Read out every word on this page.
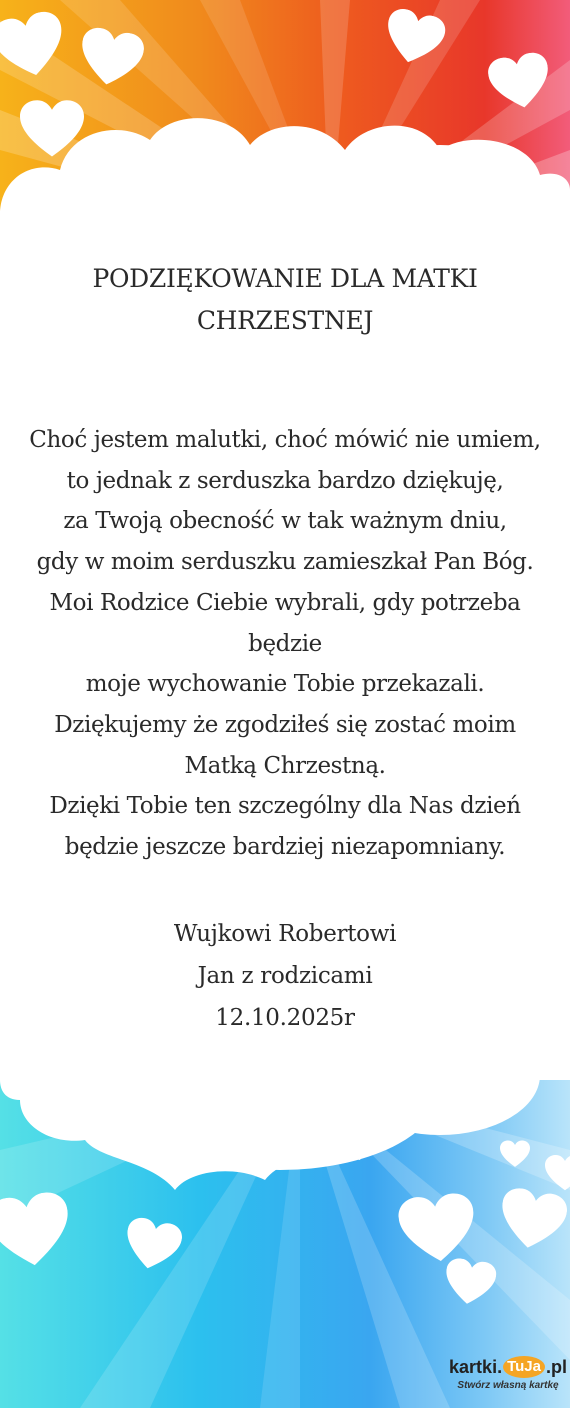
PODZIĘKOWANIE DLA MATKI
CHRZESTNEJ
Choć jestem malutki, choć mówić nie umiem,
to jednak z serduszka bardzo dziękuję,
za Twoją obecność w tak ważnym dniu,
gdy w moim serduszku zamieszkał Pan Bóg.
Moi Rodzice Ciebie wybrali, gdy potrzeba
będzie
moje wychowanie Tobie przekazali.
Dziękujemy że zgodziłeś się zostać moim
Matką Chrzestną.
Dzięki Tobie ten szczególny dla Nas dzień
będzie jeszcze bardziej niezapomniany.
Wujkowi Robertowi
Jan z rodzicami
12.10.2025r
kartki. TuJa .pl
Stwórz własną kartkę
